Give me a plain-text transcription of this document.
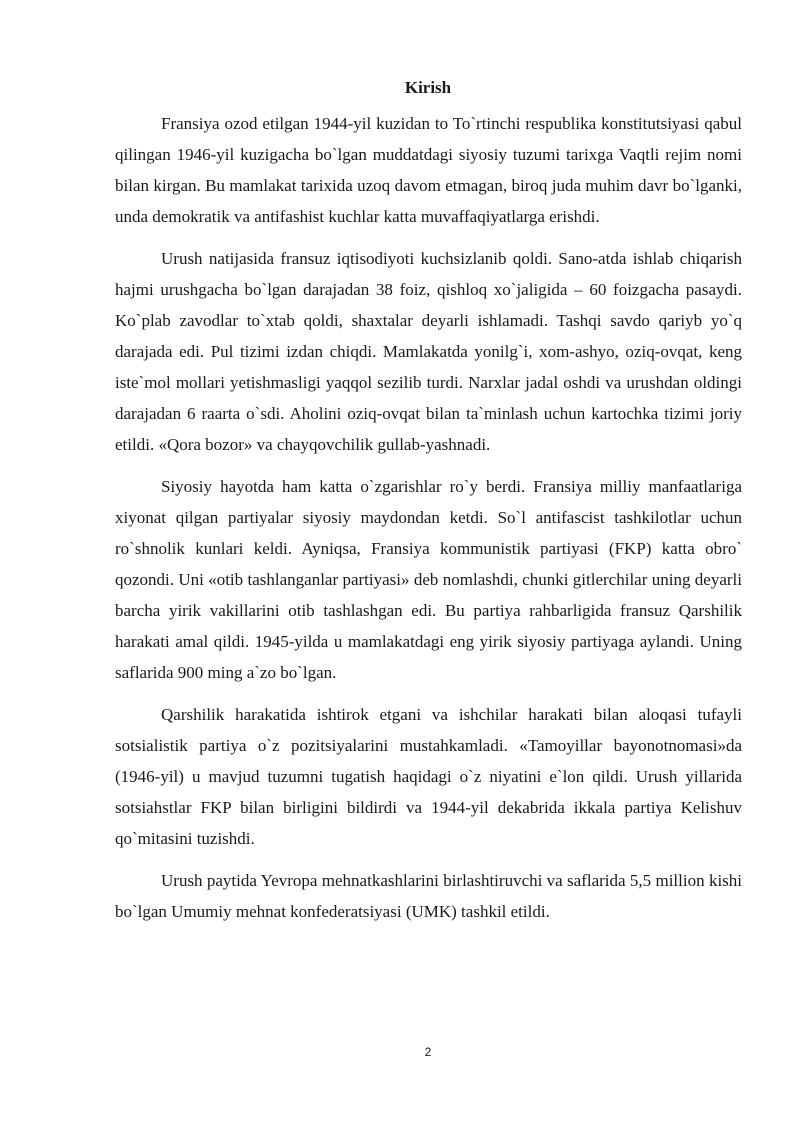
Kirish

Fransiya ozod etilgan 1944-yil kuzidan to To`rtinchi respublika konstitutsiyasi qabul qilingan 1946-yil kuzigacha bo`lgan muddatdagi siyosiy tuzumi tarixga Vaqtli rejim nomi bilan kirgan. Bu mamlakat tarixida uzoq davom etmagan, biroq juda muhim davr bo`lganki, unda demokratik va antifashist kuchlar katta muvaffaqiyatlarga erishdi.

Urush natijasida fransuz iqtisodiyoti kuchsizlanib qoldi. Sano-atda ishlab chiqarish hajmi urushgacha bo`lgan darajadan 38 foiz, qishloq xo`jaligida – 60 foizgacha pasaydi. Ko`plab zavodlar to`xtab qoldi, shaxtalar deyarli ishlamadi. Tashqi savdo qariyb yo`q darajada edi. Pul tizimi izdan chiqdi. Mamlakatda yonilg`i, xom-ashyo, oziq-ovqat, keng iste`mol mollari yetishmasligi yaqqol sezilib turdi. Narxlar jadal oshdi va urushdan oldingi darajadan 6 raarta o`sdi. Aholini oziq-ovqat bilan ta`minlash uchun kartochka tizimi joriy etildi. «Qora bozor» va chayqovchilik gullab-yashnadi.

Siyosiy hayotda ham katta o`zgarishlar ro`y berdi. Fransiya milliy manfaatlariga xiyonat qilgan partiyalar siyosiy maydondan ketdi. So`l antifascist tashkilotlar uchun ro`shnolik kunlari keldi. Ayniqsa, Fransiya kommunistik partiyasi (FKP) katta obro` qozondi. Uni «otib tashlanganlar partiyasi» deb nomlashdi, chunki gitlerchilar uning deyarli barcha yirik vakillarini otib tashlashgan edi. Bu partiya rahbarligida fransuz Qarshilik harakati amal qildi. 1945-yilda u mamlakatdagi eng yirik siyosiy partiyaga aylandi. Uning saflarida 900 ming a`zo bo`lgan.

Qarshilik harakatida ishtirok etgani va ishchilar harakati bilan aloqasi tufayli sotsialistik partiya o`z pozitsiyalarini mustahkamladi. «Tamoyillar bayonotnomasi»da (1946-yil) u mavjud tuzumni tugatish haqidagi o`z niyatini e`lon qildi. Urush yillarida sotsiahstlar FKP bilan birligini bildirdi va 1944-yil dekabrida ikkala partiya Kelishuv qo`mitasini tuzishdi.

Urush paytida Yevropa mehnatkashlarini birlashtiruvchi va saflarida 5,5 million kishi bo`lgan Umumiy mehnat konfederatsiyasi (UMK) tashkil etildi.

2
